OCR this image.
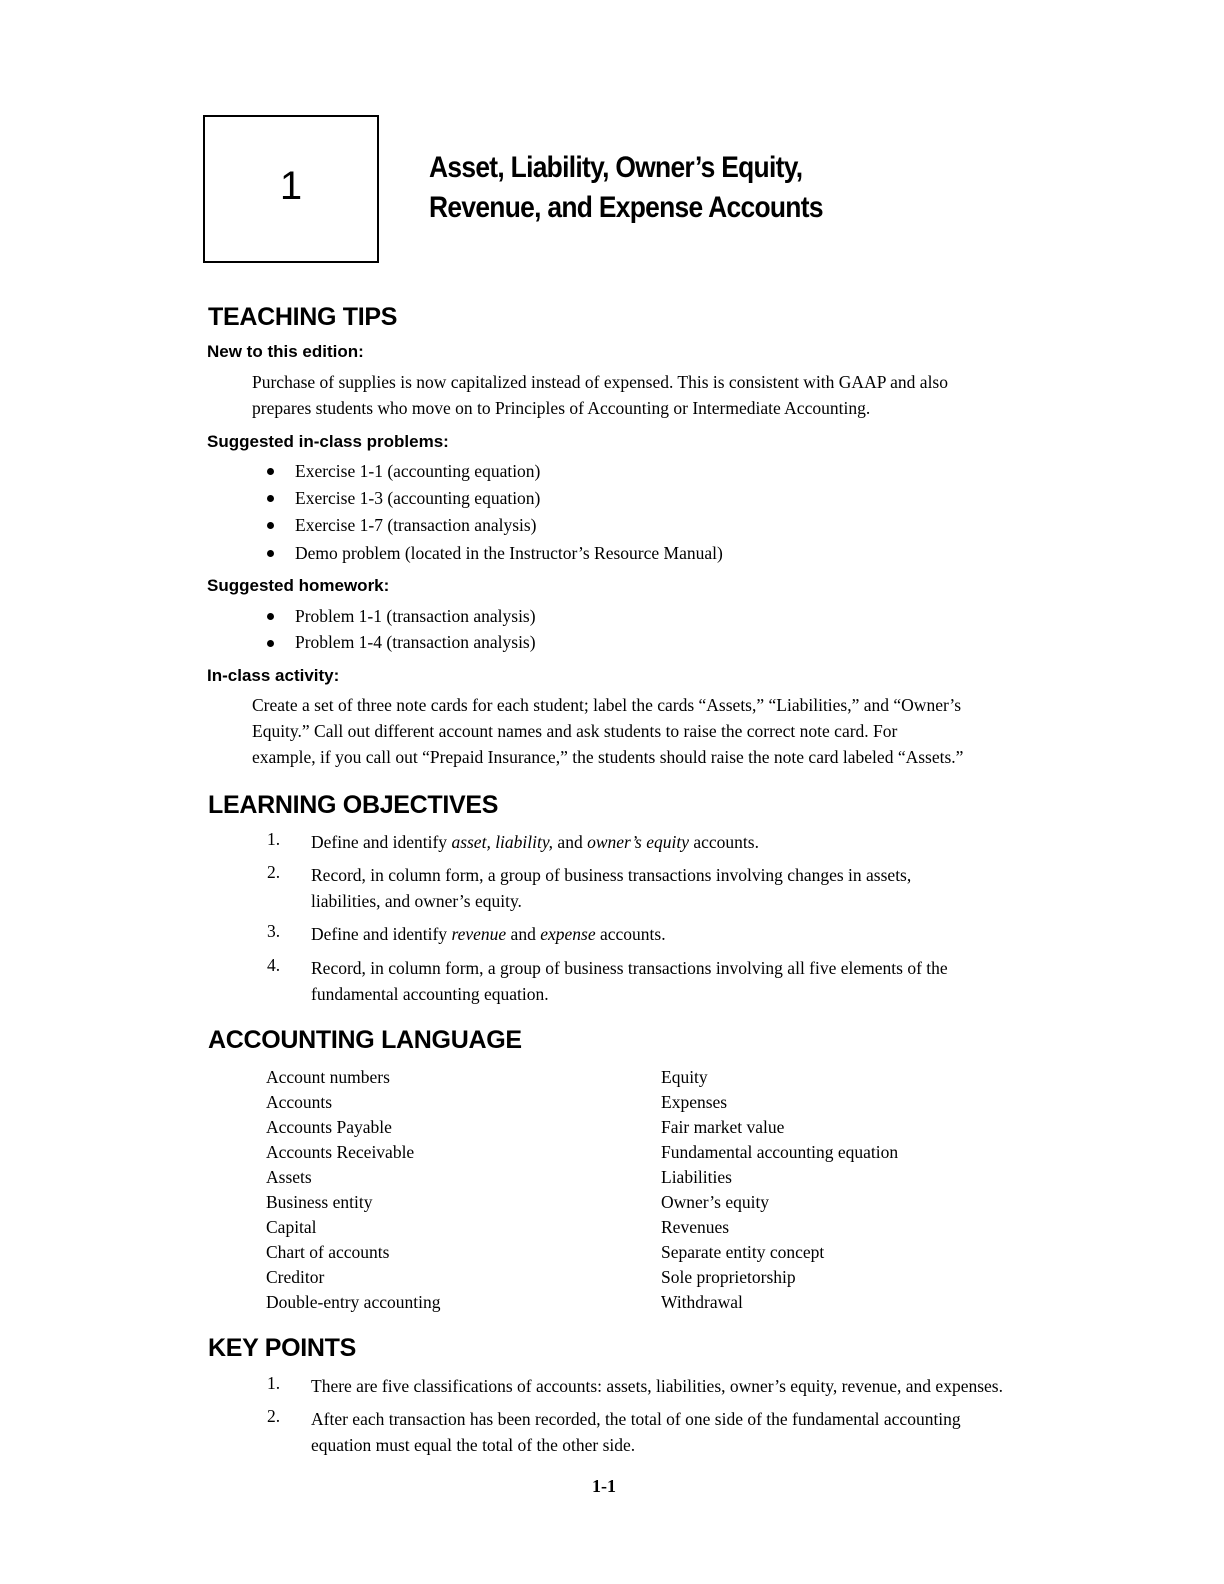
1	Asset, Liability, Owner’s Equity,
Revenue, and Expense Accounts
TEACHING TIPS
New to this edition:
Purchase of supplies is now capitalized instead of expensed. This is consistent with GAAP and also
prepares students who move on to Principles of Accounting or Intermediate Accounting.
Suggested in-class problems:
Exercise 1-1 (accounting equation)
Exercise 1-3 (accounting equation)
Exercise 1-7 (transaction analysis)
Demo problem (located in the Instructor’s Resource Manual)
Suggested homework:
Problem 1-1 (transaction analysis)
Problem 1-4 (transaction analysis)
In-class activity:
Create a set of three note cards for each student; label the cards “Assets,” “Liabilities,” and “Owner’s
Equity.” Call out different account names and ask students to raise the correct note card. For
example, if you call out “Prepaid Insurance,” the students should raise the note card labeled “Assets.”
LEARNING OBJECTIVES
1. Define and identify asset, liability, and owner’s equity accounts.
2. Record, in column form, a group of business transactions involving changes in assets,
liabilities, and owner’s equity.
3. Define and identify revenue and expense accounts.
4. Record, in column form, a group of business transactions involving all five elements of the
fundamental accounting equation.
ACCOUNTING LANGUAGE
Account numbers
Accounts
Accounts Payable
Accounts Receivable
Assets
Business entity
Capital
Chart of accounts
Creditor
Double-entry accounting
Equity
Expenses
Fair market value
Fundamental accounting equation
Liabilities
Owner’s equity
Revenues
Separate entity concept
Sole proprietorship
Withdrawal
KEY POINTS
1. There are five classifications of accounts: assets, liabilities, owner’s equity, revenue, and expenses.
2. After each transaction has been recorded, the total of one side of the fundamental accounting
equation must equal the total of the other side.
1-1
